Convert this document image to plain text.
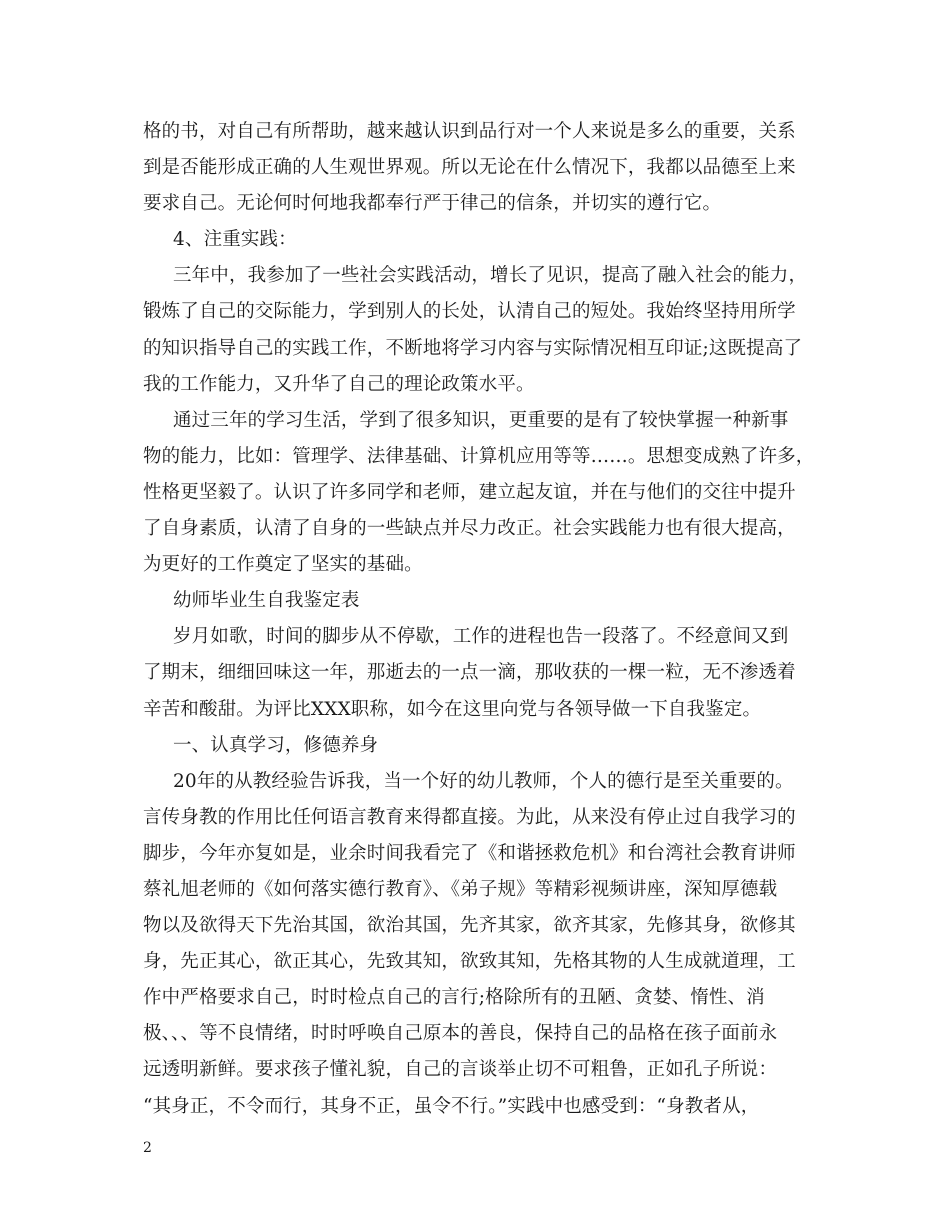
格的书，对自己有所帮助，越来越认识到品行对一个人来说是多么的重要，关系
到是否能形成正确的人生观世界观。所以无论在什么情况下，我都以品德至上来
要求自己。无论何时何地我都奉行严于律己的信条，并切实的遵行它。
4、注重实践：
三年中，我参加了一些社会实践活动，增长了见识，提高了融入社会的能力，
锻炼了自己的交际能力，学到别人的长处，认清自己的短处。我始终坚持用所学
的知识指导自己的实践工作，不断地将学习内容与实际情况相互印证;这既提高了
我的工作能力，又升华了自己的理论政策水平。
通过三年的学习生活，学到了很多知识，更重要的是有了较快掌握一种新事
物的能力，比如：管理学、法律基础、计算机应用等等……。思想变成熟了许多，
性格更坚毅了。认识了许多同学和老师，建立起友谊，并在与他们的交往中提升
了自身素质，认清了自身的一些缺点并尽力改正。社会实践能力也有很大提高，
为更好的工作奠定了坚实的基础。
幼师毕业生自我鉴定表
岁月如歌，时间的脚步从不停歇，工作的进程也告一段落了。不经意间又到
了期末，细细回味这一年，那逝去的一点一滴，那收获的一棵一粒，无不渗透着
辛苦和酸甜。为评比XXX职称，如今在这里向党与各领导做一下自我鉴定。
一、认真学习，修德养身
20年的从教经验告诉我，当一个好的幼儿教师，个人的德行是至关重要的。
言传身教的作用比任何语言教育来得都直接。为此，从来没有停止过自我学习的
脚步，今年亦复如是，业余时间我看完了《和谐拯救危机》和台湾社会教育讲师
蔡礼旭老师的《如何落实德行教育》、《弟子规》等精彩视频讲座，深知厚德载
物以及欲得天下先治其国，欲治其国，先齐其家，欲齐其家，先修其身，欲修其
身，先正其心，欲正其心，先致其知，欲致其知，先格其物的人生成就道理，工
作中严格要求自己，时时检点自己的言行;格除所有的丑陋、贪婪、惰性、消
极、、、等不良情绪，时时呼唤自己原本的善良，保持自己的品格在孩子面前永
远透明新鲜。要求孩子懂礼貌，自己的言谈举止切不可粗鲁，正如孔子所说：
“其身正，不令而行，其身不正，虽令不行。”实践中也感受到：“身教者从，
2
